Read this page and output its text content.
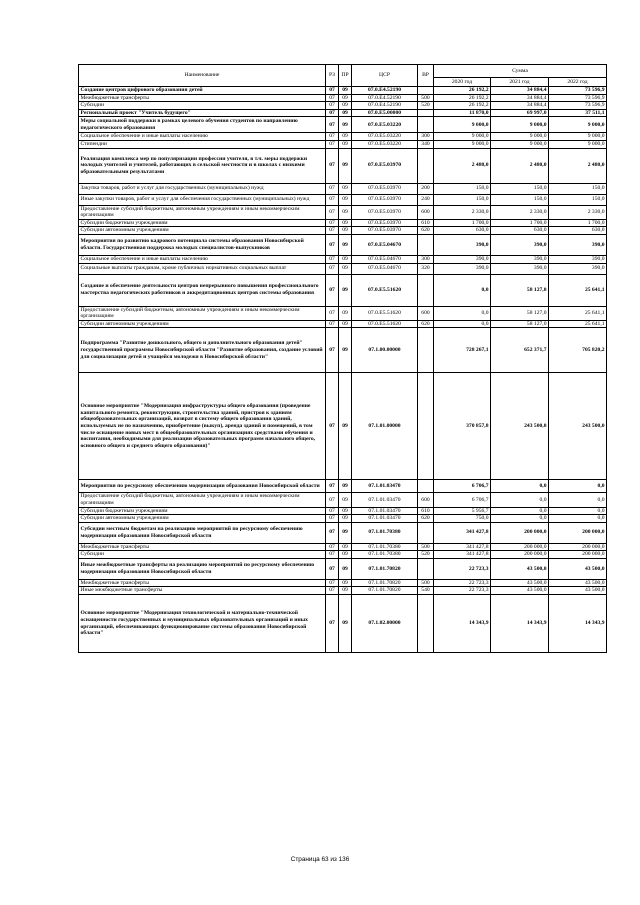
Наименование	РЗ	ПР	ЦСР	ВР	Сумма		
					2020 год	2021 год	2022 год
Создание центров цифрового образования детей	07	09	07.0.E4.52190		26 192,2	34 884,4	73 596,9
Межбюджетные трансферты	07	09	07.0.E4.52190	500	26 192,2	34 884,4	73 596,9
Субсидии	07	09	07.0.E4.52190	520	26 192,2	34 884,4	73 596,9
Региональный проект "Учитель будущего"	07	09	07.0.E5.00000		11 870,0	69 997,0	37 511,1
Меры социальной поддержки в рамках целевого обучения студентов по направлению педагогического образования	07	09	07.0.E5.03220		9 000,0	9 000,0	9 000,0
Социальное обеспечение и иные выплаты населению	07	09	07.0.E5.03220	300	9 000,0	9 000,0	9 000,0
Стипендии	07	09	07.0.E5.03220	340	9 000,0	9 000,0	9 000,0
Реализация комплекса мер по популяризации профессии учителя, в т.ч. меры поддержки молодых учителей и учителей, работающих в сельской местности и в школах с низкими образовательными результатами	07	09	07.0.E5.03970		2 480,0	2 480,0	2 480,0
Закупка товаров, работ и услуг для государственных (муниципальных) нужд	07	09	07.0.E5.03970	200	150,0	150,0	150,0
Иные закупки товаров, работ и услуг для обеспечения государственных (муниципальных) нужд	07	09	07.0.E5.03970	240	150,0	150,0	150,0
Предоставление субсидий бюджетным, автономным учреждениям и иным некоммерческим организациям	07	09	07.0.E5.03970	600	2 330,0	2 330,0	2 330,0
Субсидии бюджетным учреждениям	07	09	07.0.E5.03970	610	1 700,0	1 700,0	1 700,0
Субсидии автономным учреждениям	07	09	07.0.E5.03970	620	630,0	630,0	630,0
Мероприятия по развитию кадрового потенциала системы образования Новосибирской области. Государственная поддержка молодых специалистов-выпускников	07	09	07.0.E5.04670		390,0	390,0	390,0
Социальное обеспечение и иные выплаты населению	07	09	07.0.E5.04670	300	390,0	390,0	390,0
Социальные выплаты гражданам, кроме публичных нормативных социальных выплат	07	09	07.0.E5.04670	320	390,0	390,0	390,0
Создание и обеспечение деятельности центров непрерывного повышения профессионального мастерства педагогических работников и аккредитационных центров системы образования	07	09	07.0.E5.51620		0,0	58 127,0	25 641,1
Предоставление субсидий бюджетным, автономным учреждениям и иным некоммерческим организациям	07	09	07.0.E5.51620	600	0,0	58 127,0	25 641,1
Субсидии автономным учреждениям	07	09	07.0.E5.51620	620	0,0	58 127,0	25 641,1
Подпрограмма "Развитие дошкольного, общего и дополнительного образования детей" государственной программы Новосибирской области "Развитие образования, создание условий для социализации детей и учащейся молодежи в Новосибирской области"	07	09	07.1.00.00000		728 267,1	652 371,7	705 820,2
Основное мероприятие "Модернизация инфраструктуры общего образования (проведение капитального ремонта, реконструкции, строительства зданий, пристроя к зданиям общеобразовательных организаций, возврат в систему общего образования зданий, используемых не по назначению, приобретение (выкуп), аренда зданий и помещений, в том числе оснащение новых мест в общеобразовательных организациях средствами обучения и воспитания, необходимыми для реализации образовательных программ начального общего, основного общего и среднего общего образования)"	07	09	07.1.01.00000		370 857,8	243 500,0	243 500,0
Мероприятия по ресурсному обеспечению модернизации образования Новосибирской области	07	09	07.1.01.03470		6 706,7	0,0	0,0
Предоставление субсидий бюджетным, автономным учреждениям и иным некоммерческим организациям	07	09	07.1.01.03470	600	6 706,7	0,0	0,0
Субсидии бюджетным учреждениям	07	09	07.1.01.03470	610	5 956,7	0,0	0,0
Субсидии автономным учреждениям	07	09	07.1.01.03470	620	750,0	0,0	0,0
Субсидии местным бюджетам на реализацию мероприятий по ресурсному обеспечению модернизации образования Новосибирской области	07	09	07.1.01.70380		341 427,8	200 000,0	200 000,0
Межбюджетные трансферты	07	09	07.1.01.70380	500	341 427,8	200 000,0	200 000,0
Субсидии	07	09	07.1.01.70380	520	341 427,8	200 000,0	200 000,0
Иные межбюджетные трансферты на реализацию мероприятий по ресурсному обеспечению модернизации образования Новосибирской области	07	09	07.1.01.70820		22 723,3	43 500,0	43 500,0
Межбюджетные трансферты	07	09	07.1.01.70820	500	22 723,3	43 500,0	43 500,0
Иные межбюджетные трансферты	07	09	07.1.01.70820	540	22 723,3	43 500,0	43 500,0
Основное мероприятие "Модернизация технологической и материально-технической оснащенности государственных и муниципальных образовательных организаций и иных организаций, обеспечивающих функционирование системы образования Новосибирской области"	07	09	07.1.02.00000		14 343,9	14 343,9	14 343,9
Страница 63 из 136
